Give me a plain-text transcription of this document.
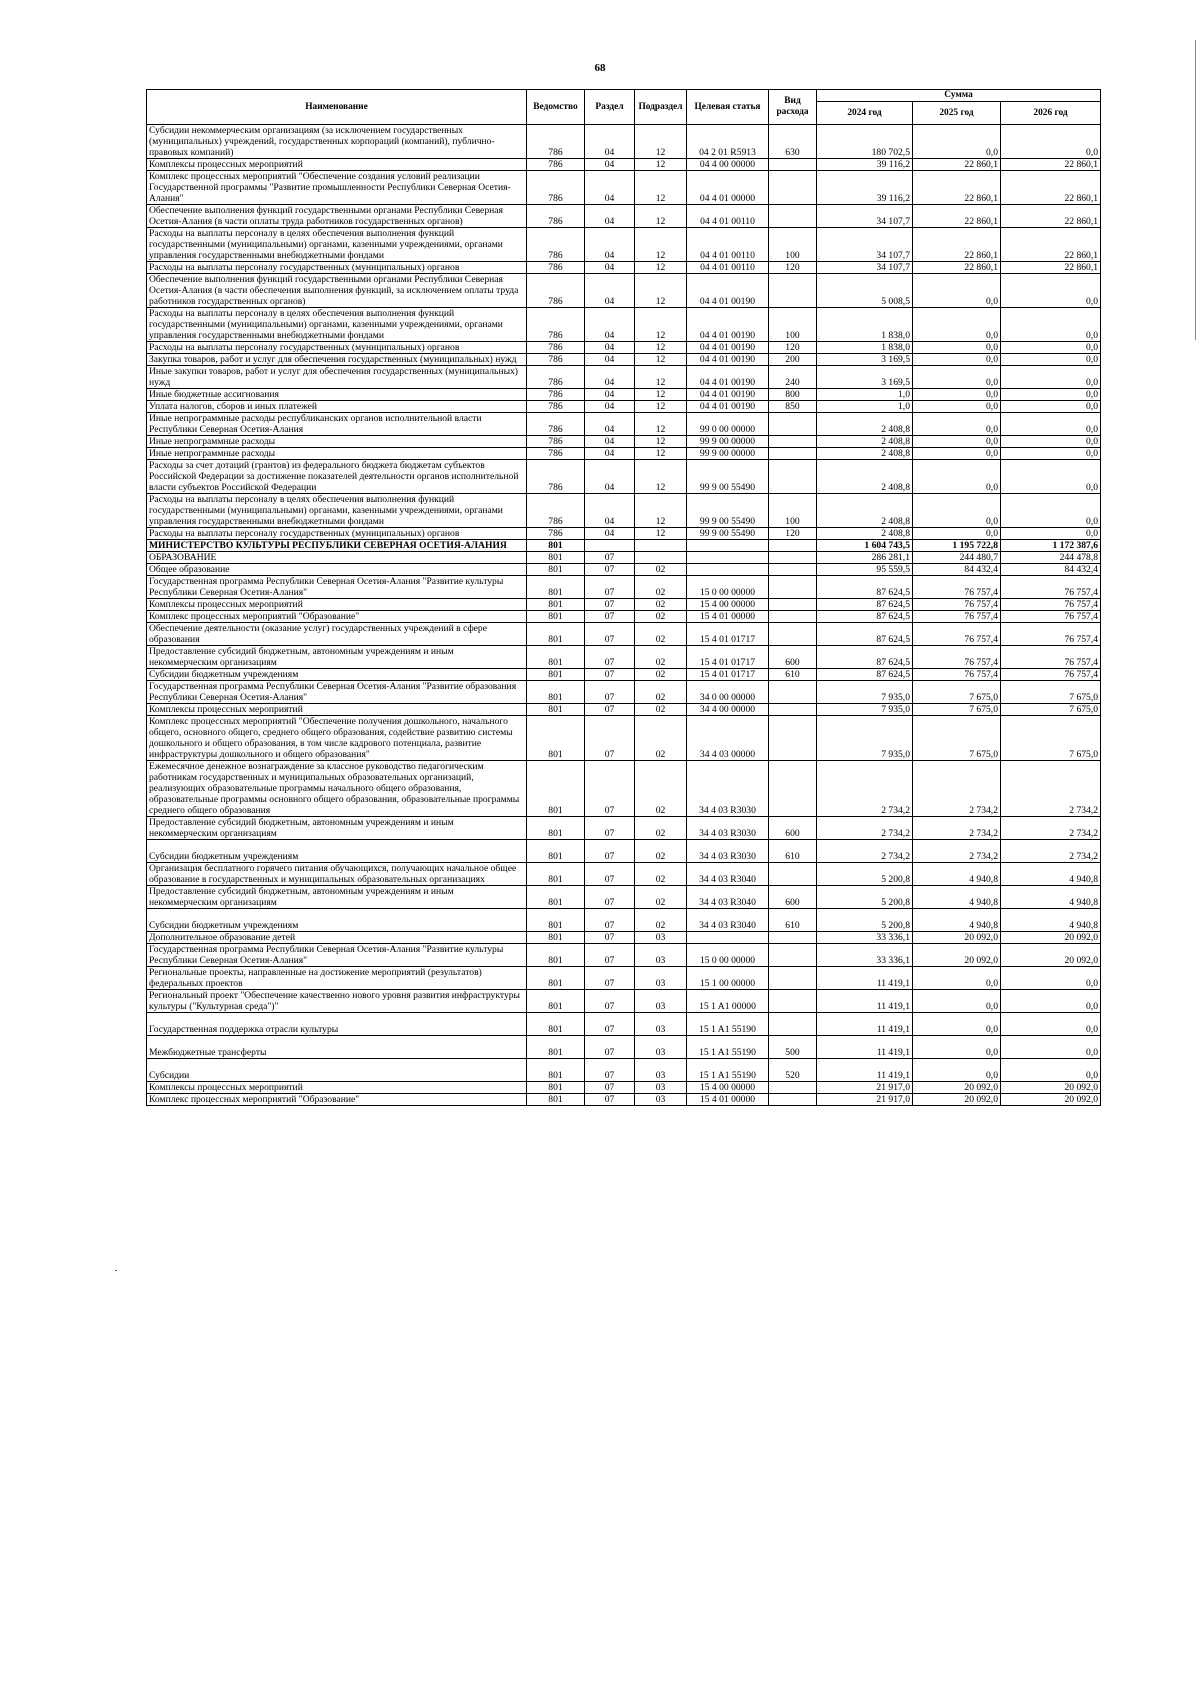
68
Наименование	Ведомство	Раздел	Подраздел	Целевая статья	Вид расхода	Сумма		
						2024 год	2025 год	2026 год
Субсидии некоммерческим организациям (за исключением государственных (муниципальных) учреждений, государственных корпораций (компаний), публично-правовых компаний)	786	04	12	04 2 01 R5913	630	180 702,5	0,0	0,0
Комплексы процессных мероприятий	786	04	12	04 4 00 00000		39 116,2	22 860,1	22 860,1
Комплекс процессных мероприятий "Обеспечение создания условий реализации Государственной программы "Развитие промышленности Республики Северная Осетия-Алания"	786	04	12	04 4 01 00000		39 116,2	22 860,1	22 860,1
Обеспечение выполнения функций государственными органами Республики Северная Осетия-Алания (в части оплаты труда работников государственных органов)	786	04	12	04 4 01 00110		34 107,7	22 860,1	22 860,1
Расходы на выплаты персоналу в целях обеспечения выполнения функций государственными (муниципальными) органами, казенными учреждениями, органами управления государственными внебюджетными фондами	786	04	12	04 4 01 00110	100	34 107,7	22 860,1	22 860,1
Расходы на выплаты персоналу государственных (муниципальных) органов	786	04	12	04 4 01 00110	120	34 107,7	22 860,1	22 860,1
Обеспечение выполнения функций государственными органами Республики Северная Осетия-Алания (в части обеспечения выполнения функций, за исключением оплаты труда работников государственных органов)	786	04	12	04 4 01 00190		5 008,5	0,0	0,0
Расходы на выплаты персоналу в целях обеспечения выполнения функций государственными (муниципальными) органами, казенными учреждениями, органами управления государственными внебюджетными фондами	786	04	12	04 4 01 00190	100	1 838,0	0,0	0,0
Расходы на выплаты персоналу государственных (муниципальных) органов	786	04	12	04 4 01 00190	120	1 838,0	0,0	0,0
Закупка товаров, работ и услуг для обеспечения государственных (муниципальных) нужд	786	04	12	04 4 01 00190	200	3 169,5	0,0	0,0
Иные закупки товаров, работ и услуг для обеспечения государственных (муниципальных) нужд	786	04	12	04 4 01 00190	240	3 169,5	0,0	0,0
Иные бюджетные ассигнования	786	04	12	04 4 01 00190	800	1,0	0,0	0,0
Уплата налогов, сборов и иных платежей	786	04	12	04 4 01 00190	850	1,0	0,0	0,0
Иные непрограммные расходы республиканских органов исполнительной власти Республики Северная Осетия-Алания	786	04	12	99 0 00 00000		2 408,8	0,0	0,0
Иные непрограммные расходы	786	04	12	99 9 00 00000		2 408,8	0,0	0,0
Иные непрограммные расходы	786	04	12	99 9 00 00000		2 408,8	0,0	0,0
Расходы за счет дотаций (грантов) из федерального бюджета бюджетам субъектов Российской Федерации за достижение показателей деятельности органов исполнительной власти субъектов Российской Федерации	786	04	12	99 9 00 55490		2 408,8	0,0	0,0
Расходы на выплаты персоналу в целях обеспечения выполнения функций государственными (муниципальными) органами, казенными учреждениями, органами управления государственными внебюджетными фондами	786	04	12	99 9 00 55490	100	2 408,8	0,0	0,0
Расходы на выплаты персоналу государственных (муниципальных) органов	786	04	12	99 9 00 55490	120	2 408,8	0,0	0,0
МИНИСТЕРСТВО КУЛЬТУРЫ РЕСПУБЛИКИ СЕВЕРНАЯ ОСЕТИЯ-АЛАНИЯ	801					1 604 743,5	1 195 722,8	1 172 387,6
ОБРАЗОВАНИЕ	801	07				286 281,1	244 480,7	244 478,8
Общее образование	801	07	02			95 559,5	84 432,4	84 432,4
Государственная программа Республики Северная Осетия-Алания "Развитие культуры Республики Северная Осетия-Алания"	801	07	02	15 0 00 00000		87 624,5	76 757,4	76 757,4
Комплексы процессных мероприятий	801	07	02	15 4 00 00000		87 624,5	76 757,4	76 757,4
Комплекс процессных мероприятий "Образование"	801	07	02	15 4 01 00000		87 624,5	76 757,4	76 757,4
Обеспечение деятельности (оказание услуг) государственных учреждений в сфере образования	801	07	02	15 4 01 01717		87 624,5	76 757,4	76 757,4
Предоставление субсидий бюджетным, автономным учреждениям и иным некоммерческим организациям	801	07	02	15 4 01 01717	600	87 624,5	76 757,4	76 757,4
Субсидии бюджетным учреждениям	801	07	02	15 4 01 01717	610	87 624,5	76 757,4	76 757,4
Государственная программа Республики Северная Осетия-Алания "Развитие образования Республики Северная Осетия-Алания"	801	07	02	34 0 00 00000		7 935,0	7 675,0	7 675,0
Комплексы процессных мероприятий	801	07	02	34 4 00 00000		7 935,0	7 675,0	7 675,0
Комплекс процессных мероприятий "Обеспечение получения дошкольного, начального общего, основного общего, среднего общего образования, содействие развитию системы дошкольного и общего образования, в том числе кадрового потенциала, развитие инфраструктуры дошкольного и общего образования"	801	07	02	34 4 03 00000		7 935,0	7 675,0	7 675,0
Ежемесячное денежное вознаграждение за классное руководство педагогическим работникам государственных и муниципальных образовательных организаций, реализующих образовательные программы начального общего образования, образовательные программы основного общего образования, образовательные программы среднего общего образования	801	07	02	34 4 03 R3030		2 734,2	2 734,2	2 734,2
Предоставление субсидий бюджетным, автономным учреждениям и иным некоммерческим организациям	801	07	02	34 4 03 R3030	600	2 734,2	2 734,2	2 734,2
Субсидии бюджетным учреждениям	801	07	02	34 4 03 R3030	610	2 734,2	2 734,2	2 734,2
Организация бесплатного горячего питания обучающихся, получающих начальное общее образование в государственных и муниципальных образовательных организациях	801	07	02	34 4 03 R3040		5 200,8	4 940,8	4 940,8
Предоставление субсидий бюджетным, автономным учреждениям и иным некоммерческим организациям	801	07	02	34 4 03 R3040	600	5 200,8	4 940,8	4 940,8
Субсидии бюджетным учреждениям	801	07	02	34 4 03 R3040	610	5 200,8	4 940,8	4 940,8
Дополнительное образование детей	801	07	03			33 336,1	20 092,0	20 092,0
Государственная программа Республики Северная Осетия-Алания "Развитие культуры Республики Северная Осетия-Алания"	801	07	03	15 0 00 00000		33 336,1	20 092,0	20 092,0
Региональные проекты, направленные на достижение мероприятий (результатов) федеральных проектов	801	07	03	15 1 00 00000		11 419,1	0,0	0,0
Региональный проект "Обеспечение качественно нового уровня развития инфраструктуры культуры ("Культурная среда")"	801	07	03	15 1 A1 00000		11 419,1	0,0	0,0
Государственная поддержка отрасли культуры	801	07	03	15 1 A1 55190		11 419,1	0,0	0,0
Межбюджетные трансферты	801	07	03	15 1 A1 55190	500	11 419,1	0,0	0,0
Субсидии	801	07	03	15 1 A1 55190	520	11 419,1	0,0	0,0
Комплексы процессных мероприятий	801	07	03	15 4 00 00000		21 917,0	20 092,0	20 092,0
Комплекс процессных мероприятий "Образование"	801	07	03	15 4 01 00000		21 917,0	20 092,0	20 092,0
